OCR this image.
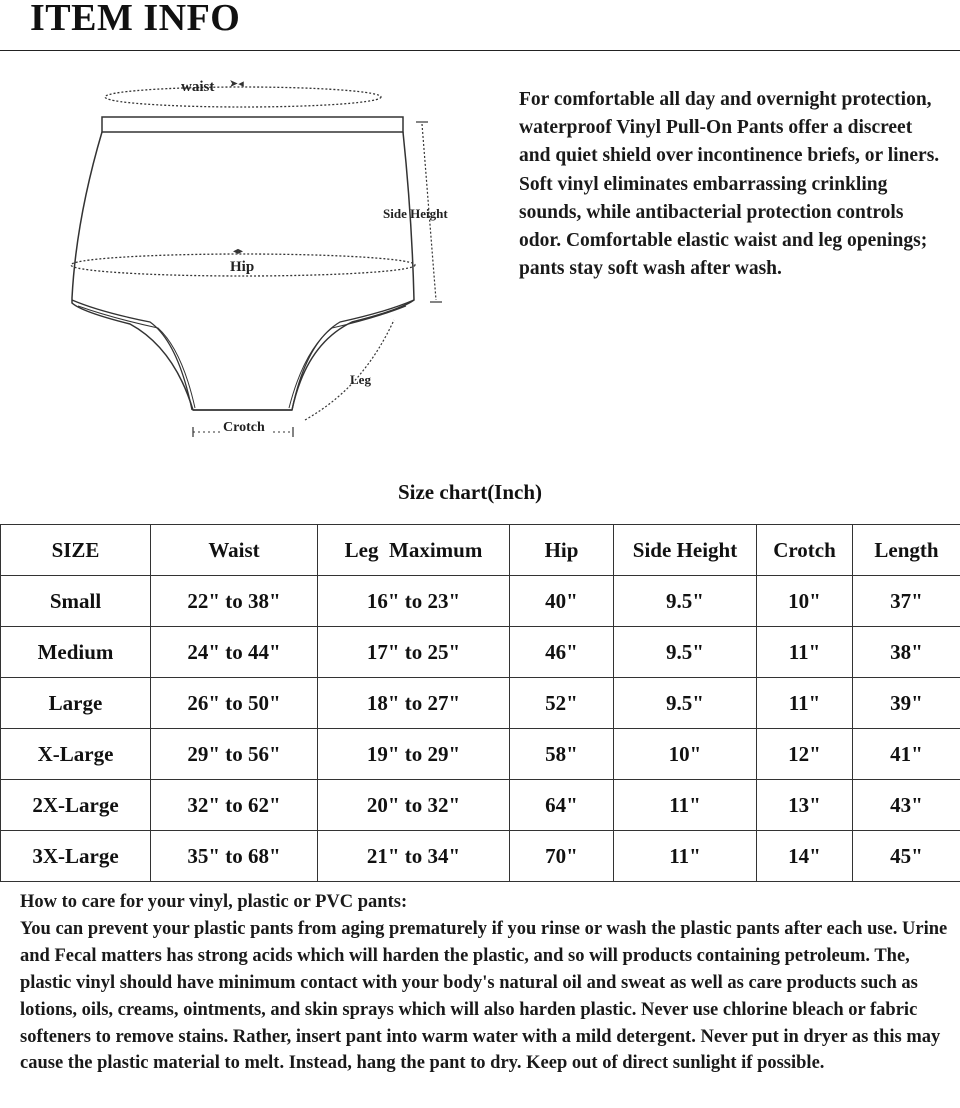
ITEM INFO
waist ➤◂
Hip
◂▸
Side Height
Leg
Crotch

For comfortable all day and overnight protection, waterproof Vinyl Pull-On Pants offer a discreet and quiet shield over incontinence briefs, or liners.

Soft vinyl eliminates embarrassing crinkling sounds, while antibacterial protection controls odor. Comfortable elastic waist and leg openings; pants stay soft wash after wash.

Size chart(Inch)
SIZE	Waist	Leg  Maximum	Hip	Side Height	Crotch	Length
Small	22" to 38"	16" to 23"	40"	9.5"	10"	37"
Medium	24" to 44"	17" to 25"	46"	9.5"	11"	38"
Large	26" to 50"	18" to 27"	52"	9.5"	11"	39"
X-Large	29" to 56"	19" to 29"	58"	10"	12"	41"
2X-Large	32" to 62"	20" to 32"	64"	11"	13"	43"
3X-Large	35" to 68"	21" to 34"	70"	11"	14"	45"

How to care for your vinyl, plastic or PVC pants:

You can prevent your plastic pants from aging prematurely if you rinse or wash the plastic pants after each use. Urine and Fecal matters has strong acids which will harden the plastic, and so will products containing petroleum. The, plastic vinyl should have minimum contact with your body's natural oil and sweat as well as care products such as lotions, oils, creams, ointments, and skin sprays which will also harden plastic. Never use chlorine bleach or fabric softeners to remove stains. Rather, insert pant into warm water with a mild detergent. Never put in dryer as this may cause the plastic material to melt. Instead, hang the pant to dry. Keep out of direct sunlight if possible.
